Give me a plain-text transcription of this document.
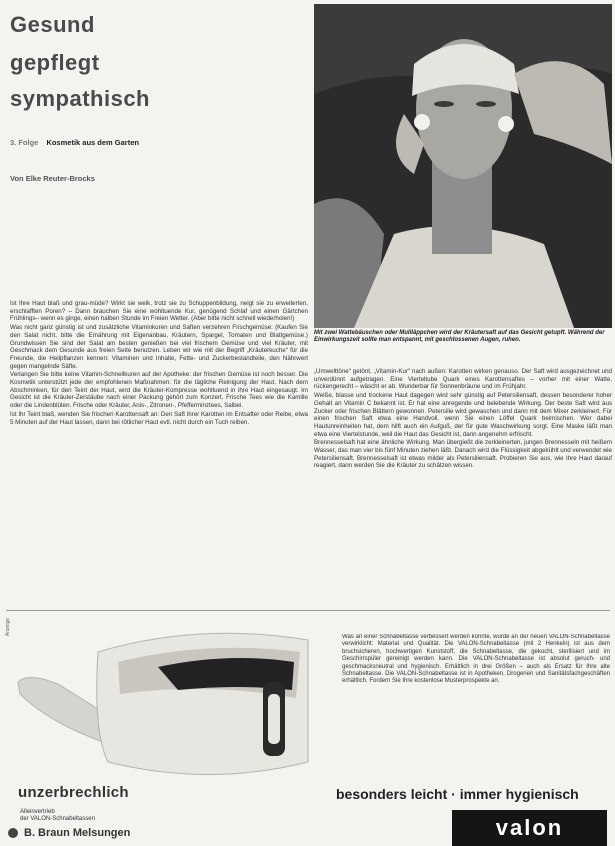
Gesund
gepflegt
sympathisch
3. Folge Kosmetik aus dem Garten
Von Elke Reuter-Brocks
Mit zwei Wattebäuschen oder Mullläppchen wird der Kräutersaft auf das Gesicht getupft. Während der Einwirkungszeit sollte man entspannt, mit geschlossenen Augen, ruhen.

Ist Ihre Haut blaß und grau-müde? Wirkt sie welk, trotz sie zu Schuppenbildung, neigt sie zu erweiterten, erschlafften Poren? – Dann brauchen Sie eine wohltuende Kur, genügend Schlaf und einen Gärtchen Frühlings– wenn es ginge, einen halben Stunde im Freien Wetter. (Aber bitte nicht schnell wiederholen!)

Was nicht ganz günstig ist und zusätzliche Vitaminkuren und Saften verzehren Frischgemüse: (Kaufen Sie den Salat nicht, bitte die Ernährung mit Eigenanbau, Kräutern, Spargel, Tomaten und Blattgemüse.) Grundwissen Sie sind der Salat am besten genießen bei viel frischem Gemüse und viel Kräuter, mit Geschmack dem Gesunde aus freien Seite benutzen. Leben wir wie mit der Begriff „Kräuterkuche“ für die Freunde, die Heilpflanzen kennen: Vitaminen und Inhalte, Fette- und Zuckerbestandteile, den Nährwert gegen mangelnde Säfte.

Verlangen Sie bitte keine Vitamin-Schnellkuren auf der Apotheke: der frischen Gemüse ist noch besser. Die Kosmetik unterstützt jede der empfohlenen Maßnahmen: für die tägliche Reinigung der Haut. Nach dem Abschminken, für den Teint der Haut, wird die Kräuter-Kompresse wohltuend in ihre Haut eingesaugt. Im Gesicht ist die Kräuter-Zerstäube nach einer Packung gehört zum Konzert. Frische Tees wie die Kamille oder die Lindenblüten. Frische oder Kräuter, Anis-, Zitronen-, Pfefferminztees, Salbei.

Ist Ihr Teint blaß, wenden Sie frischen Karottensaft an: Den Saft ihrer Karotten im Entsafter oder Reibe, etwa 5 Minuten auf der Haut lassen, dann bei rötlicher Haut evtl. nicht durch ein Tuch reiben.

„Umwelttöne“ getönt, „Vitamin-Kur“ nach außen: Karotten wirken genauso. Der Saft wird ausgezeichnet und unverdünnt aufgetragen. Eine Vierteltube Quark eines Karottensaftes – vorher mit einer Watte, rückengerecht – wäscht er ab. Wunderbar für Sonnenbräune und im Frühjahr.

Weiße, blasse und trockene Haut dagegen wird sehr günstig auf Petersiliensaft, dessen besonderer hoher Gehalt an Vitamin C bekannt ist. Er hat eine anregende und belebende Wirkung. Der beste Saft wird aus Zucker oder frischen Blättern gewonnen. Petersilie wird gewaschen und dann mit dem Mixer zerkleinert. Für einen frischen Saft etwa eine Handvoll, wenn Sie einen Löffel Quark beimischen. Wer dabei Hautunreinheiten hat, dem hilft auch ein Aufguß, der für gute Waschwirkung sorgt. Eine Maske läßt man etwa eine Viertelstunde, weil die Haut das Gesicht ist, dann angenehm erfrischt.

Brennesselsaft hat eine ähnliche Wirkung. Man übergießt die zerkleinerten, jungen Brennesseln mit heißem Wasser, das man vier bis fünf Minuten ziehen läßt. Danach wird die Flüssigkeit abgekühlt und verwendet wie Petersiliensaft. Brennesselsaft ist etwas milder als Petersiliensaft. Probieren Sie aus, wie Ihre Haut darauf reagiert, dann werden Sie die Kräuter zu schätzen wissen.

Anzeige
Was an einer Schnabeltasse verbessert werden konnte, wurde an der neuen VALON-Schnabeltasse verwirklicht: Material und Qualität. Die VALON-Schnabeltasse (mit 2 Henkeln) ist aus dem bruchsicheren, hochwertigen Kunststoff, die Schnabeltasse, die gekocht, sterilisiert und im Geschirrspüler gereinigt werden kann. Die VALON-Schnabeltasse ist absolut geruch- und geschmacksneutral und hygienisch. Erhältlich in drei Größen – auch als Ersatz für Ihre alte Schnabeltasse. Die VALON-Schnabeltasse ist in Apotheken, Drogerien und Sanitätsfachgeschäften erhältlich. Fordern Sie Ihre kostenlose Musterprospekte an.
unzerbrechlich	besonders leicht · immer hygienisch
Alleinvertrieb
der VALON-Schnabeltassen
B. Braun Melsungen	valon
